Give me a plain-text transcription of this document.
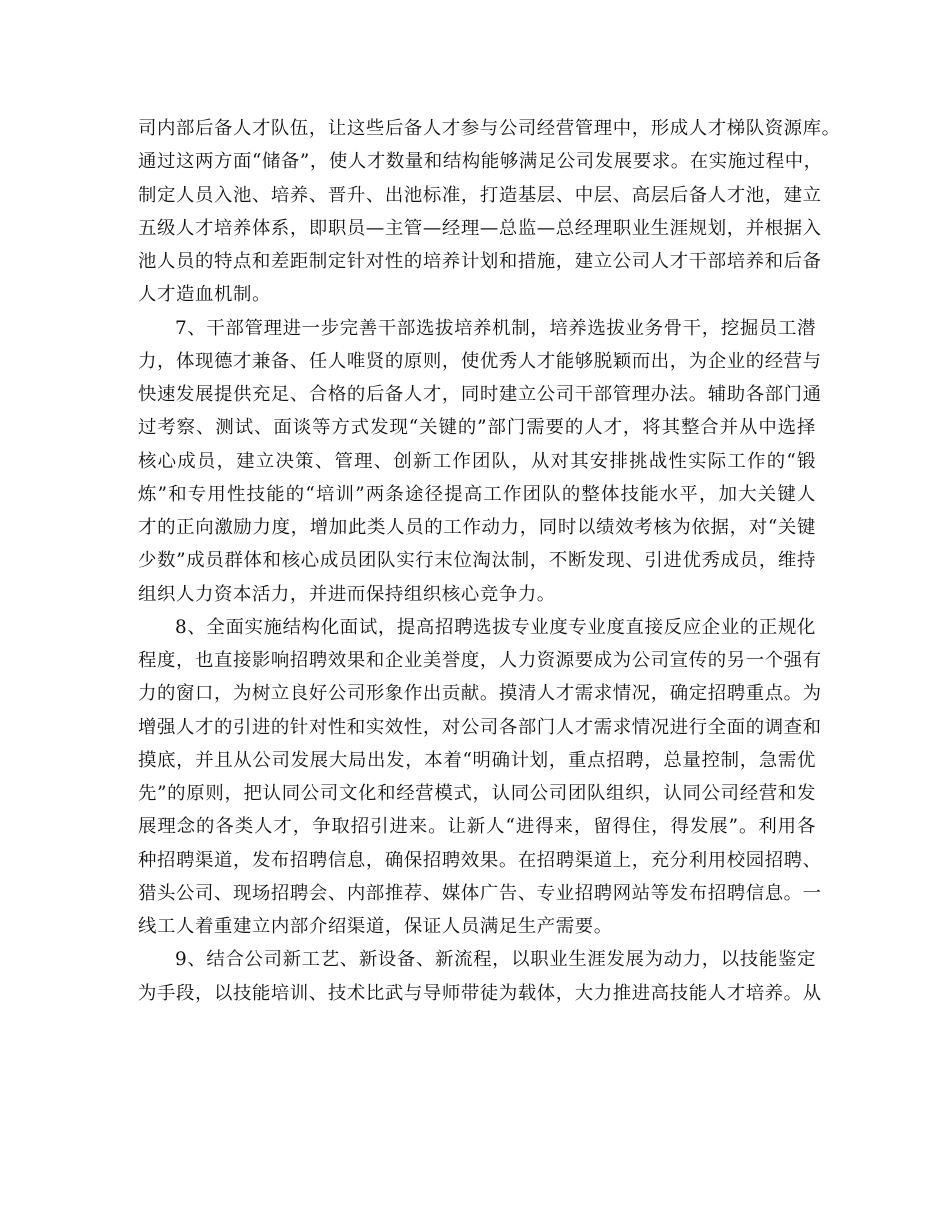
司内部后备人才队伍，让这些后备人才参与公司经营管理中，形成人才梯队资源库。
通过这两方面“储备”，使人才数量和结构能够满足公司发展要求。在实施过程中，
制定人员入池、培养、晋升、出池标准，打造基层、中层、高层后备人才池，建立
五级人才培养体系，即职员—主管—经理—总监—总经理职业生涯规划，并根据入
池人员的特点和差距制定针对性的培养计划和措施，建立公司人才干部培养和后备
人才造血机制。
7、干部管理进一步完善干部选拔培养机制，培养选拔业务骨干，挖掘员工潜
力，体现德才兼备、任人唯贤的原则，使优秀人才能够脱颖而出，为企业的经营与
快速发展提供充足、合格的后备人才，同时建立公司干部管理办法。辅助各部门通
过考察、测试、面谈等方式发现“关键的”部门需要的人才，将其整合并从中选择
核心成员，建立决策、管理、创新工作团队，从对其安排挑战性实际工作的“锻
炼”和专用性技能的“培训”两条途径提高工作团队的整体技能水平，加大关键人
才的正向激励力度，增加此类人员的工作动力，同时以绩效考核为依据，对“关键
少数”成员群体和核心成员团队实行末位淘汰制，不断发现、引进优秀成员，维持
组织人力资本活力，并进而保持组织核心竞争力。
8、全面实施结构化面试，提高招聘选拔专业度专业度直接反应企业的正规化
程度，也直接影响招聘效果和企业美誉度，人力资源要成为公司宣传的另一个强有
力的窗口，为树立良好公司形象作出贡献。摸清人才需求情况，确定招聘重点。为
增强人才的引进的针对性和实效性，对公司各部门人才需求情况进行全面的调查和
摸底，并且从公司发展大局出发，本着“明确计划，重点招聘，总量控制，急需优
先”的原则，把认同公司文化和经营模式，认同公司团队组织，认同公司经营和发
展理念的各类人才，争取招引进来。让新人“进得来，留得住，得发展”。利用各
种招聘渠道，发布招聘信息，确保招聘效果。在招聘渠道上，充分利用校园招聘、
猎头公司、现场招聘会、内部推荐、媒体广告、专业招聘网站等发布招聘信息。一
线工人着重建立内部介绍渠道，保证人员满足生产需要。
9、结合公司新工艺、新设备、新流程，以职业生涯发展为动力，以技能鉴定
为手段，以技能培训、技术比武与导师带徒为载体，大力推进高技能人才培养。从
